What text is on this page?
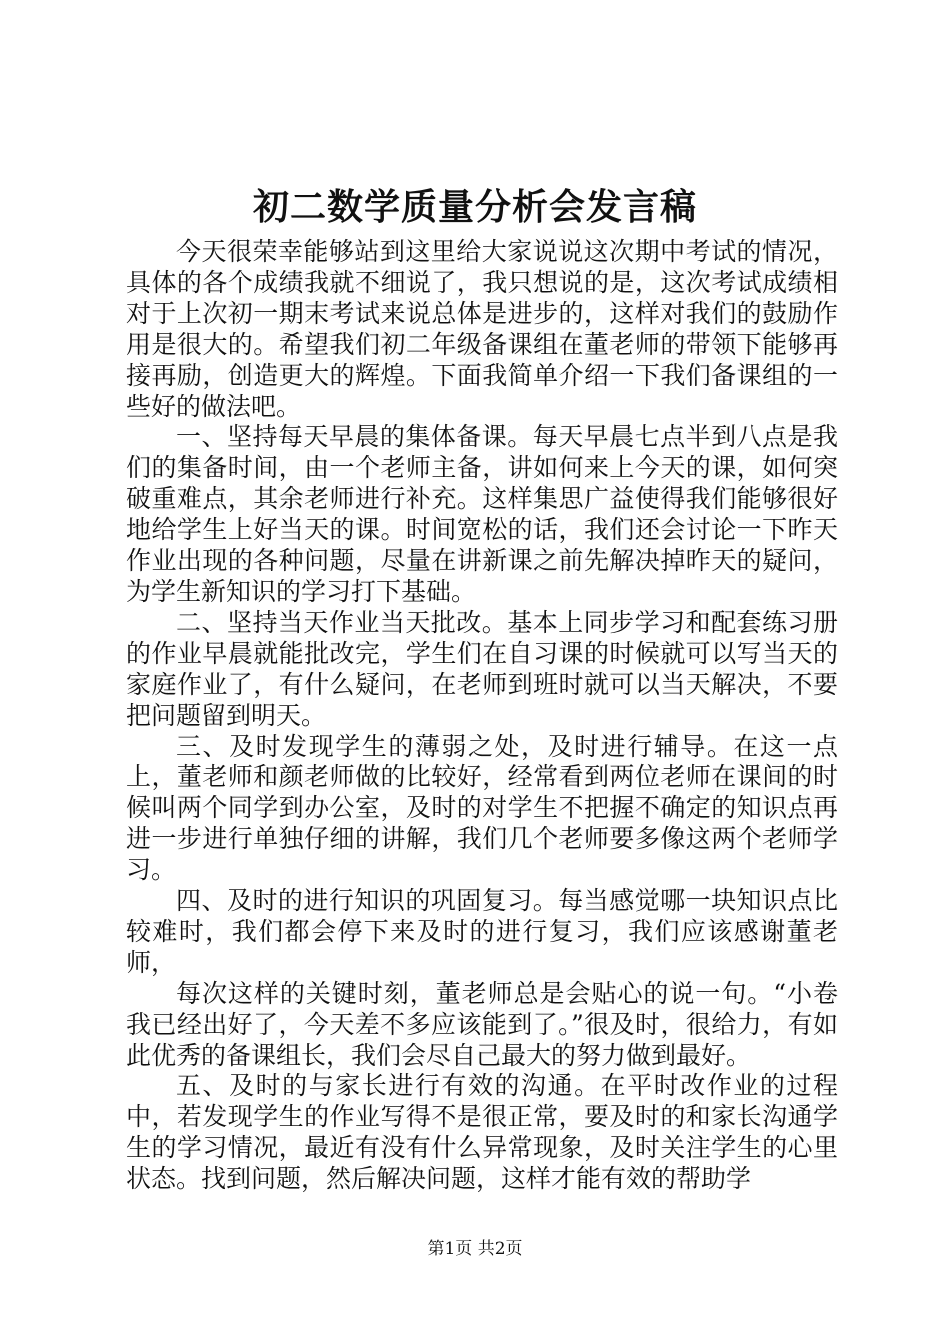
初二数学质量分析会发言稿

今天很荣幸能够站到这里给大家说说这次期中考试的情况，具体的各个成绩我就不细说了，我只想说的是，这次考试成绩相对于上次初一期末考试来说总体是进步的，这样对我们的鼓励作用是很大的。希望我们初二年级备课组在董老师的带领下能够再接再励，创造更大的辉煌。下面我简单介绍一下我们备课组的一些好的做法吧。

一、坚持每天早晨的集体备课。每天早晨七点半到八点是我们的集备时间，由一个老师主备，讲如何来上今天的课，如何突破重难点，其余老师进行补充。这样集思广益使得我们能够很好地给学生上好当天的课。时间宽松的话，我们还会讨论一下昨天作业出现的各种问题，尽量在讲新课之前先解决掉昨天的疑问，为学生新知识的学习打下基础。

二、坚持当天作业当天批改。基本上同步学习和配套练习册的作业早晨就能批改完，学生们在自习课的时候就可以写当天的家庭作业了，有什么疑问，在老师到班时就可以当天解决，不要把问题留到明天。

三、及时发现学生的薄弱之处，及时进行辅导。在这一点上，董老师和颜老师做的比较好，经常看到两位老师在课间的时候叫两个同学到办公室，及时的对学生不把握不确定的知识点再进一步进行单独仔细的讲解，我们几个老师要多像这两个老师学习。

四、及时的进行知识的巩固复习。每当感觉哪一块知识点比较难时，我们都会停下来及时的进行复习，我们应该感谢董老师，

每次这样的关键时刻，董老师总是会贴心的说一句。“小卷我已经出好了，今天差不多应该能到了。”很及时，很给力，有如此优秀的备课组长，我们会尽自己最大的努力做到最好。

五、及时的与家长进行有效的沟通。在平时改作业的过程中，若发现学生的作业写得不是很正常，要及时的和家长沟通学生的学习情况，最近有没有什么异常现象，及时关注学生的心里状态。找到问题，然后解决问题，这样才能有效的帮助学

第1页 共2页
